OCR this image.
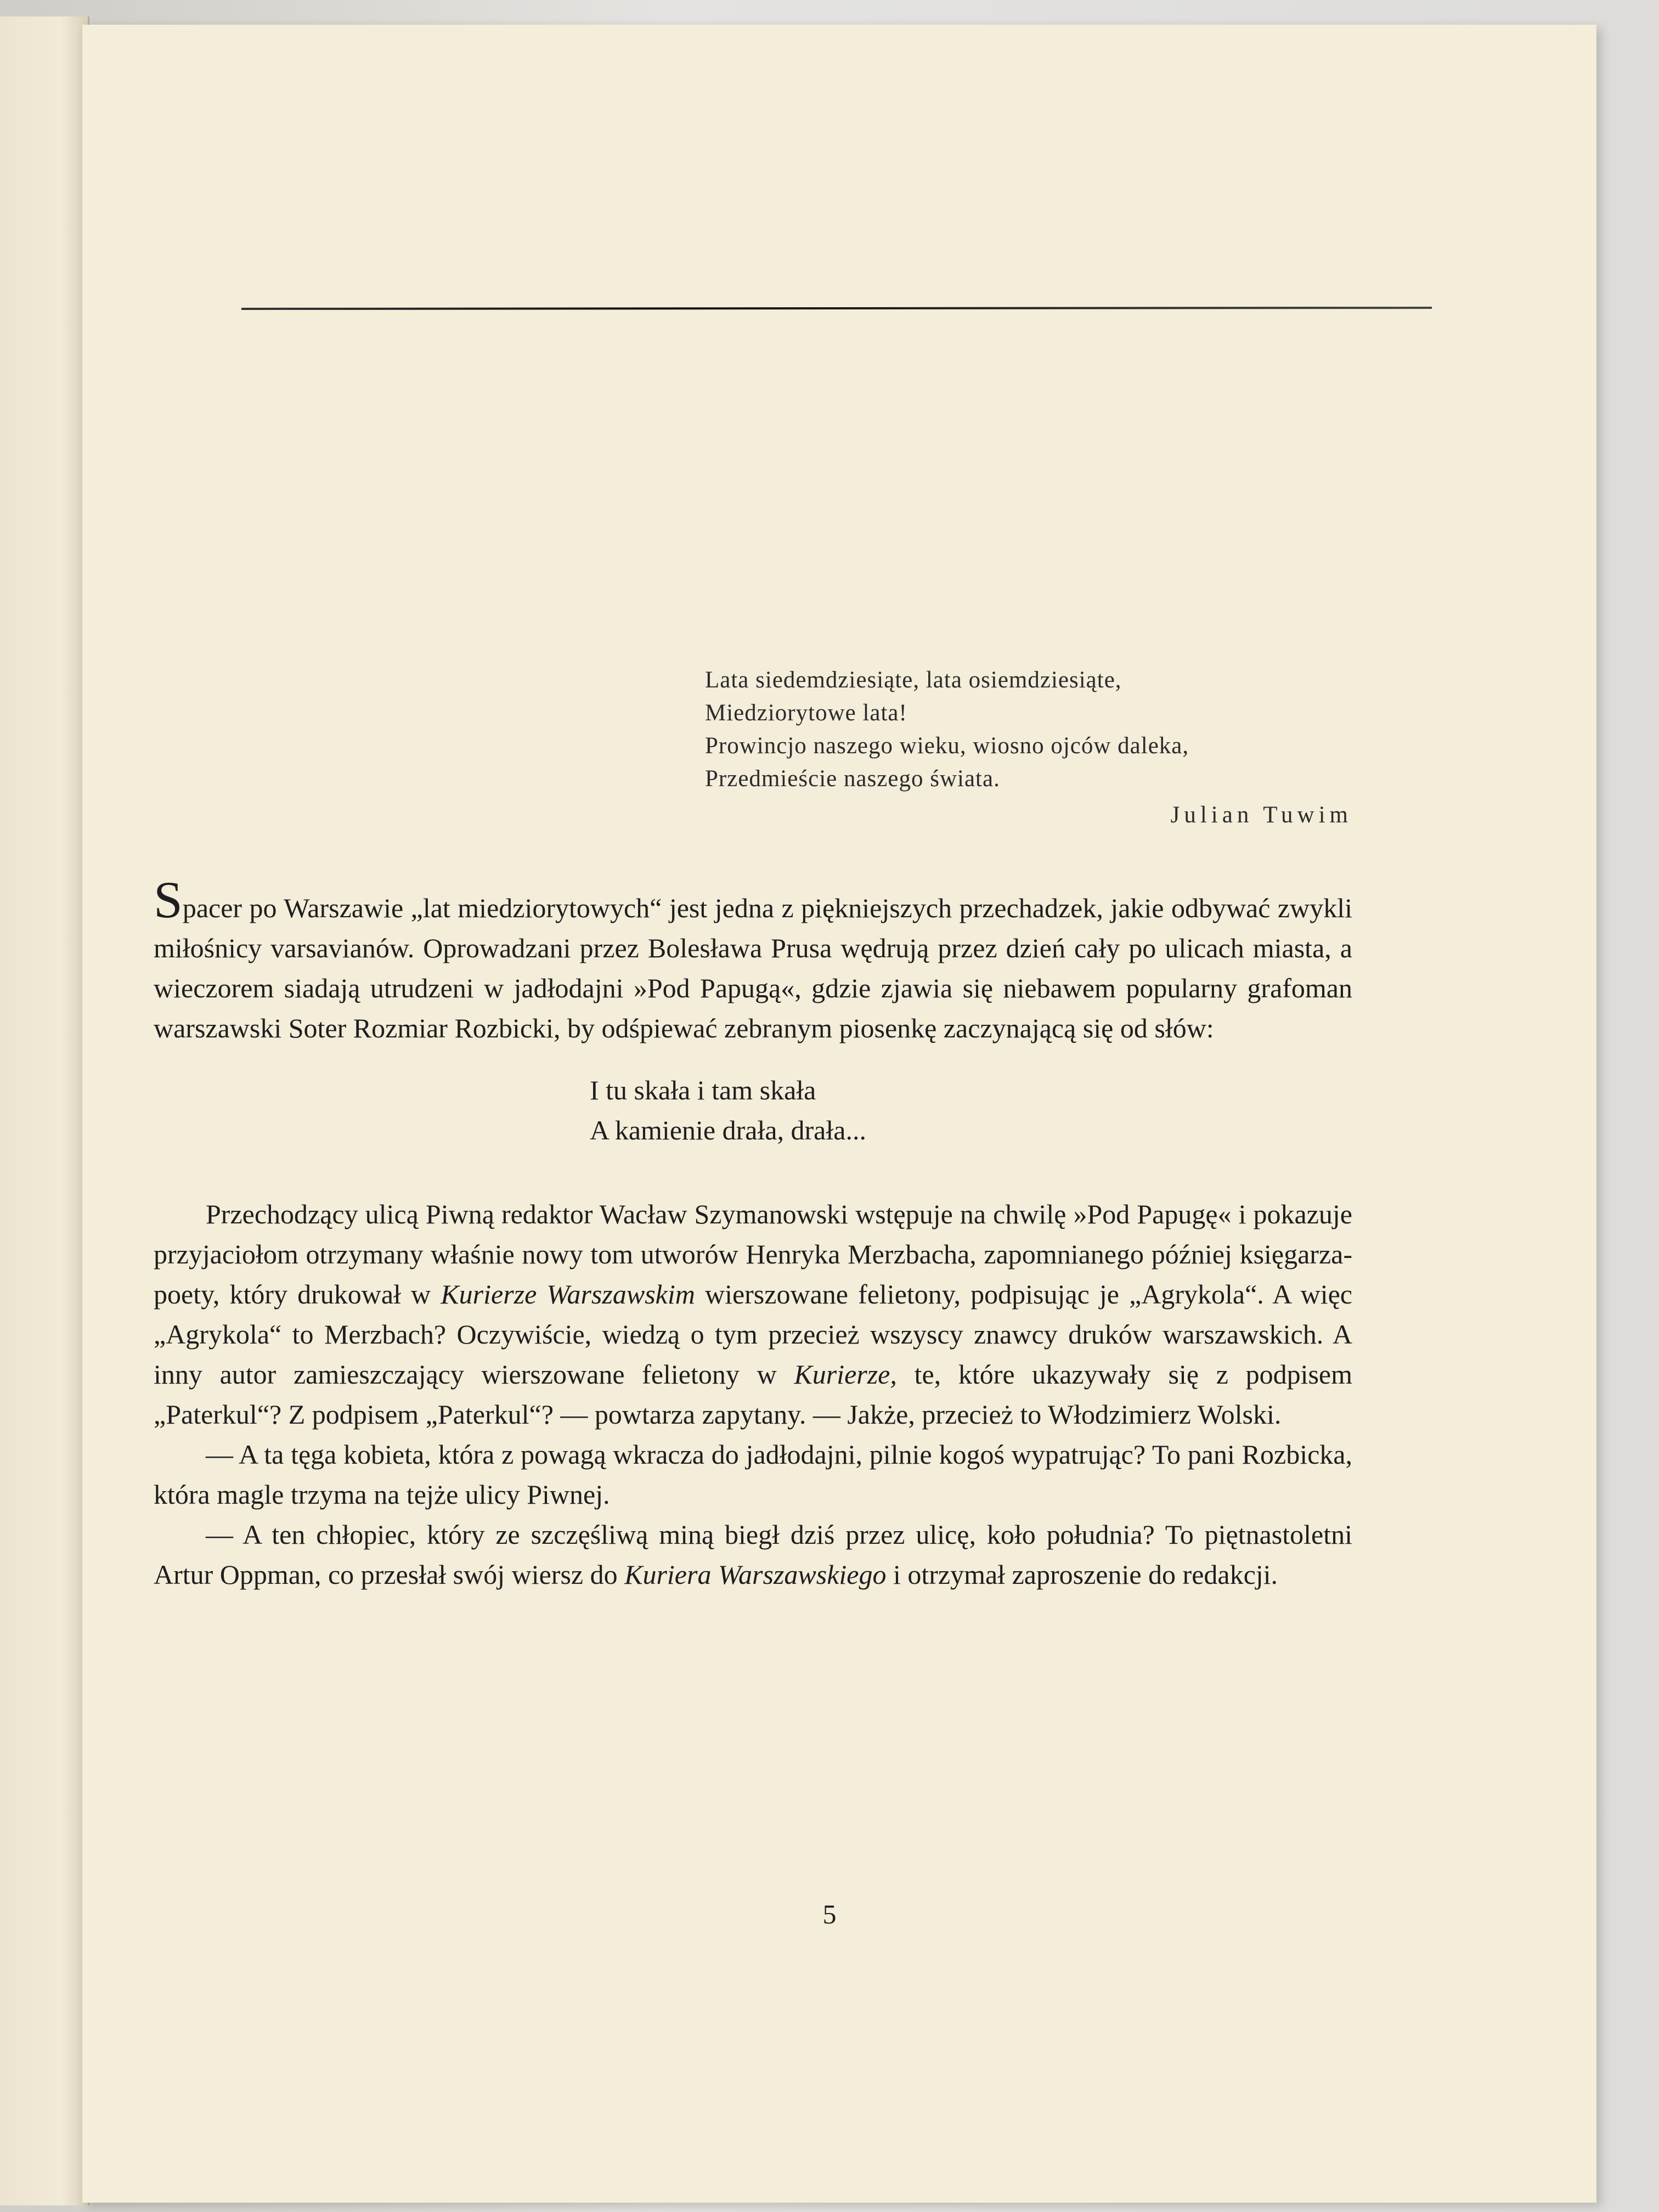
Lata siedemdziesiąte, lata osiemdziesiąte,
Miedziorytowe lata!
Prowincjo naszego wieku, wiosno ojców daleka,
Przedmieście naszego świata.
Julian Tuwim

Spacer po Warszawie „lat miedziorytowych“ jest jedna z piękniejszych przechadzek, jakie odbywać zwykli miłośnicy varsavianów. Oprowadzani przez Bolesława Prusa wędrują przez dzień cały po ulicach miasta, a wieczorem siadają utrudzeni w jadłodajni »Pod Papugą«, gdzie zjawia się niebawem popularny grafoman warszawski Soter Rozmiar Rozbicki, by odśpiewać zebranym piosenkę zaczynającą się od słów:

I tu skała i tam skała
A kamienie drała, drała...

Przechodzący ulicą Piwną redaktor Wacław Szymanowski wstępuje na chwilę »Pod Papugę« i pokazuje przyjaciołom otrzymany właśnie nowy tom utworów Henryka Merzbacha, zapomnianego później księgarza-poety, który drukował w Kurierze Warszawskim wierszowane felietony, podpisując je „Agrykola“. A więc „Agrykola“ to Merzbach? Oczywiście, wiedzą o tym przecież wszyscy znawcy druków warszawskich. A inny autor zamieszczający wierszowane felietony w Kurierze, te, które ukazywały się z podpisem „Paterkul“? Z podpisem „Paterkul“? — powtarza zapytany. — Jakże, przecież to Włodzimierz Wolski.

— A ta tęga kobieta, która z powagą wkracza do jadłodajni, pilnie kogoś wypatrując? To pani Rozbicka, która magle trzyma na tejże ulicy Piwnej.

— A ten chłopiec, który ze szczęśliwą miną biegł dziś przez ulicę, koło południa? To piętnastoletni Artur Oppman, co przesłał swój wiersz do Kuriera Warszawskiego i otrzymał zaproszenie do redakcji.

5
